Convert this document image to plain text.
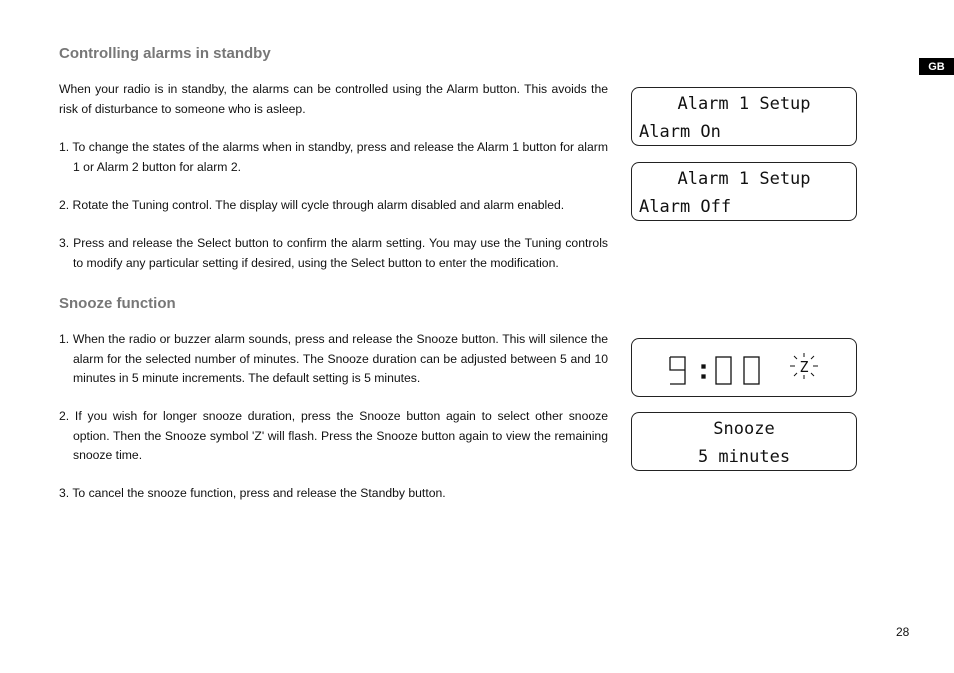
GB
Controlling alarms in standby

When your radio is in standby, the alarms can be controlled using the Alarm button. This avoids the risk of disturbance to someone who is asleep.

1. To change the states of the alarms when in standby, press and release the Alarm 1 button for alarm 1 or Alarm 2 button for alarm 2.

2. Rotate the Tuning control. The display will cycle through alarm disabled and alarm enabled.

3. Press and release the Select button to confirm the alarm setting. You may use the Tuning controls to modify any particular setting if desired, using the Select button to enter the modification.

Snooze function

1. When the radio or buzzer alarm sounds, press and release the Snooze button. This will silence the alarm for the selected number of minutes. The Snooze duration can be adjusted between 5 and 10 minutes in 5 minute increments. The default setting is 5 minutes.

2. If you wish for longer snooze duration, press the Snooze button again to select other snooze option. Then the Snooze symbol 'Z' will flash. Press the Snooze button again to view the remaining snooze time.

3. To cancel the snooze function, press and release the Standby button.

Alarm 1 Setup
Alarm On
Alarm 1 Setup
Alarm Off
Z
Snooze
5 minutes
28
